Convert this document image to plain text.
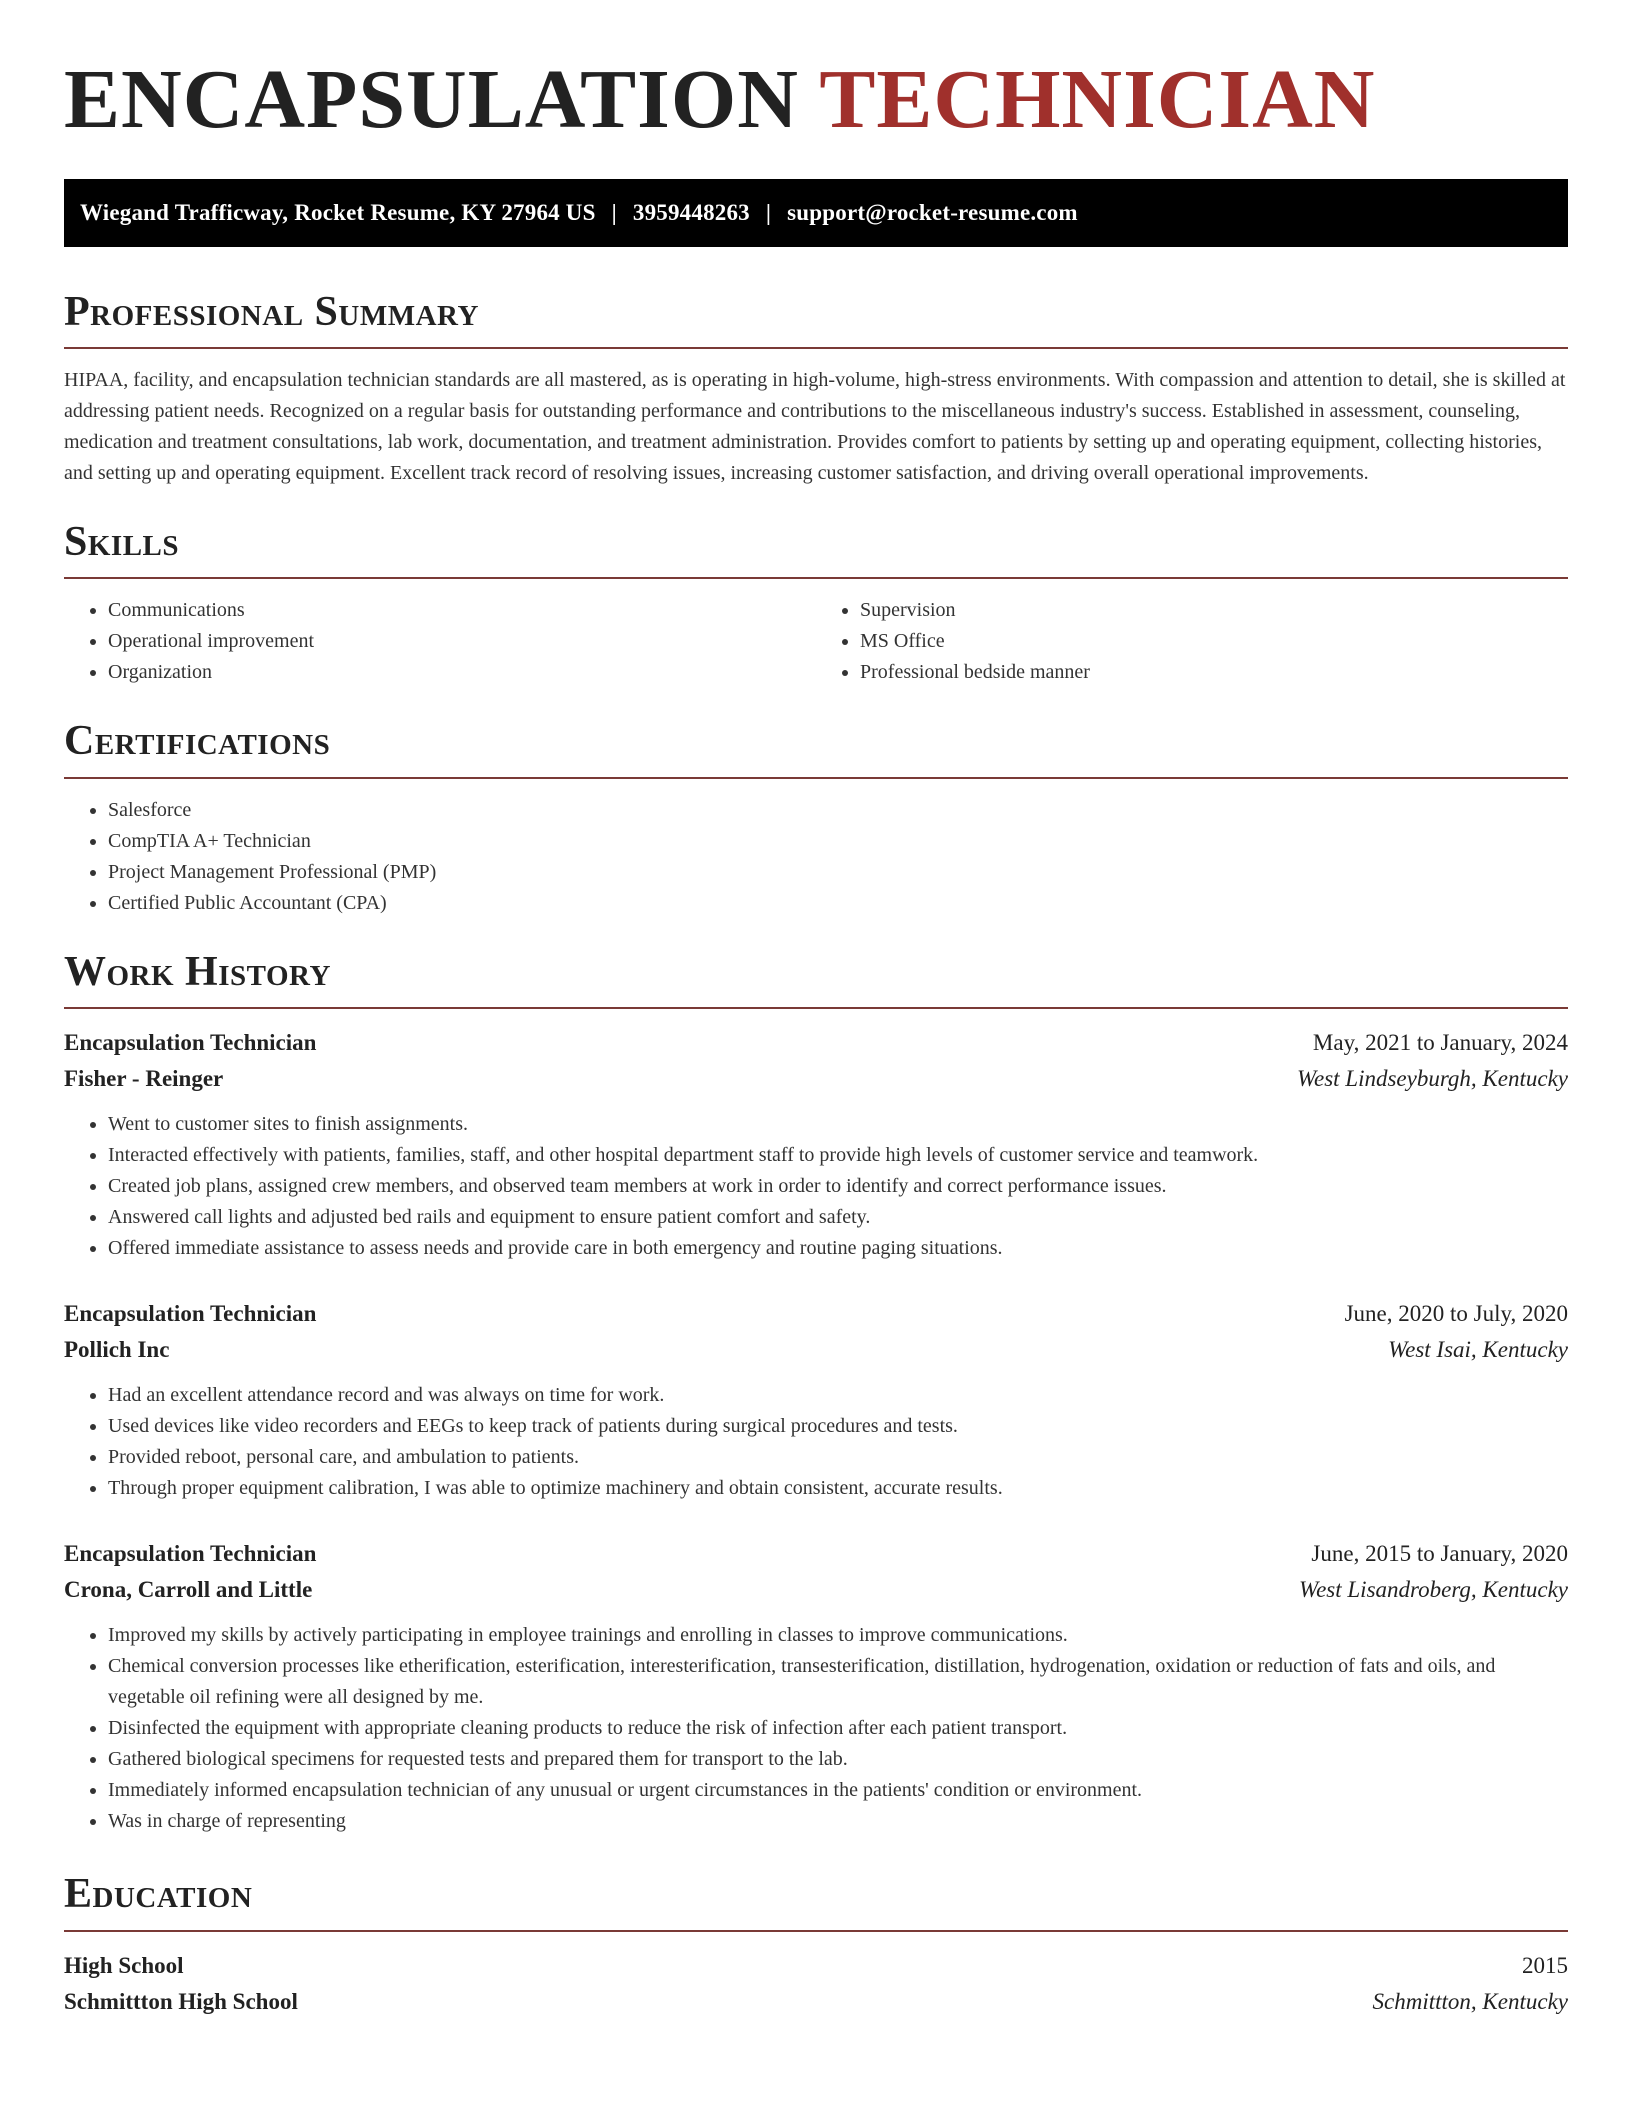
ENCAPSULATION TECHNICIAN
Wiegand Trafficway, Rocket Resume, KY 27964 US | 3959448263 | support@rocket-resume.com
Professional Summary

HIPAA, facility, and encapsulation technician standards are all mastered, as is operating in high-volume, high-stress environments. With compassion and attention to detail, she is skilled at addressing patient needs. Recognized on a regular basis for outstanding performance and contributions to the miscellaneous industry's success. Established in assessment, counseling, medication and treatment consultations, lab work, documentation, and treatment administration. Provides comfort to patients by setting up and operating equipment, collecting histories, and setting up and operating equipment. Excellent track record of resolving issues, increasing customer satisfaction, and driving overall operational improvements.

Skills
• Communications
• Operational improvement
• Organization
• Supervision
• MS Office
• Professional bedside manner
Certifications
• Salesforce
• CompTIA A+ Technician
• Project Management Professional (PMP)
• Certified Public Accountant (CPA)
Work History
Encapsulation Technician	May, 2021 to January, 2024
Fisher - Reinger	West Lindseyburgh, Kentucky
• Went to customer sites to finish assignments.
• Interacted effectively with patients, families, staff, and other hospital department staff to provide high levels of customer service and teamwork.
• Created job plans, assigned crew members, and observed team members at work in order to identify and correct performance issues.
• Answered call lights and adjusted bed rails and equipment to ensure patient comfort and safety.
• Offered immediate assistance to assess needs and provide care in both emergency and routine paging situations.
Encapsulation Technician	June, 2020 to July, 2020
Pollich Inc	West Isai, Kentucky
• Had an excellent attendance record and was always on time for work.
• Used devices like video recorders and EEGs to keep track of patients during surgical procedures and tests.
• Provided reboot, personal care, and ambulation to patients.
• Through proper equipment calibration, I was able to optimize machinery and obtain consistent, accurate results.
Encapsulation Technician	June, 2015 to January, 2020
Crona, Carroll and Little	West Lisandroberg, Kentucky
• Improved my skills by actively participating in employee trainings and enrolling in classes to improve communications.
• Chemical conversion processes like etherification, esterification, interesterification, transesterification, distillation, hydrogenation, oxidation or reduction of fats and oils, and vegetable oil refining were all designed by me.
• Disinfected the equipment with appropriate cleaning products to reduce the risk of infection after each patient transport.
• Gathered biological specimens for requested tests and prepared them for transport to the lab.
• Immediately informed encapsulation technician of any unusual or urgent circumstances in the patients' condition or environment.
• Was in charge of representing
Education
High School	2015
Schmittton High School	Schmittton, Kentucky
